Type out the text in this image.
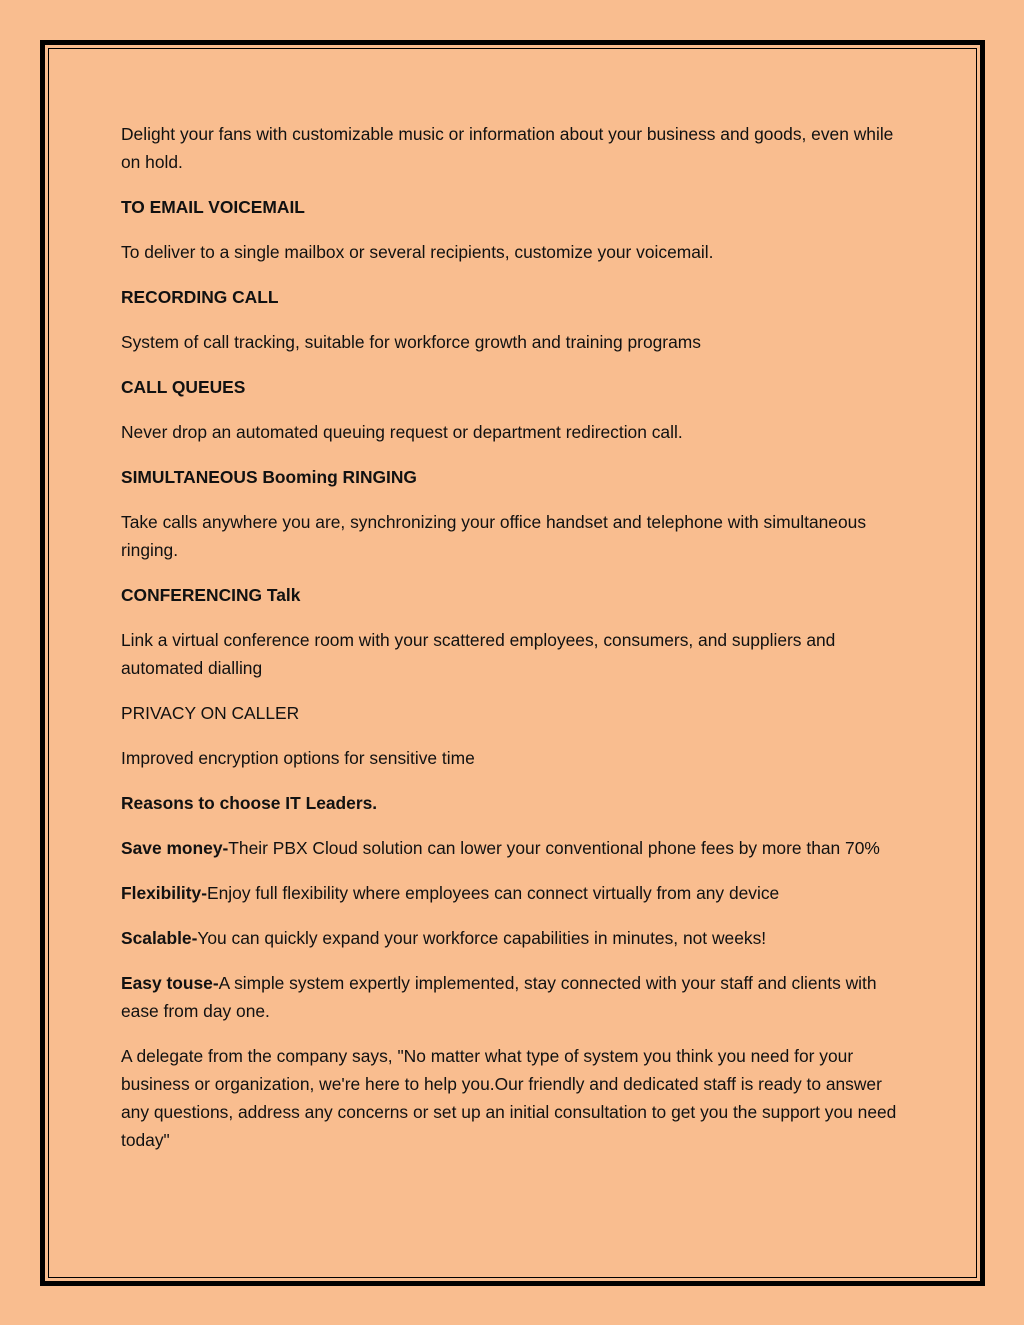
Delight your fans with customizable music or information about your business and goods, even while on hold.

TO EMAIL VOICEMAIL

To deliver to a single mailbox or several recipients, customize your voicemail.

RECORDING CALL

System of call tracking, suitable for workforce growth and training programs

CALL QUEUES

Never drop an automated queuing request or department redirection call.

SIMULTANEOUS Booming RINGING

Take calls anywhere you are, synchronizing your office handset and telephone with simultaneous ringing.

CONFERENCING Talk

Link a virtual conference room with your scattered employees, consumers, and suppliers and automated dialling

PRIVACY ON CALLER

Improved encryption options for sensitive time

Reasons to choose IT Leaders.

Save money-Their PBX Cloud solution can lower your conventional phone fees by more than 70%

Flexibility-Enjoy full flexibility where employees can connect virtually from any device

Scalable-You can quickly expand your workforce capabilities in minutes, not weeks!

Easy touse-A simple system expertly implemented, stay connected with your staff and clients with ease from day one.

A delegate from the company says, "No matter what type of system you think you need for your business or organization, we're here to help you.Our friendly and dedicated staff is ready to answer any questions, address any concerns or set up an initial consultation to get you the support you need today"
